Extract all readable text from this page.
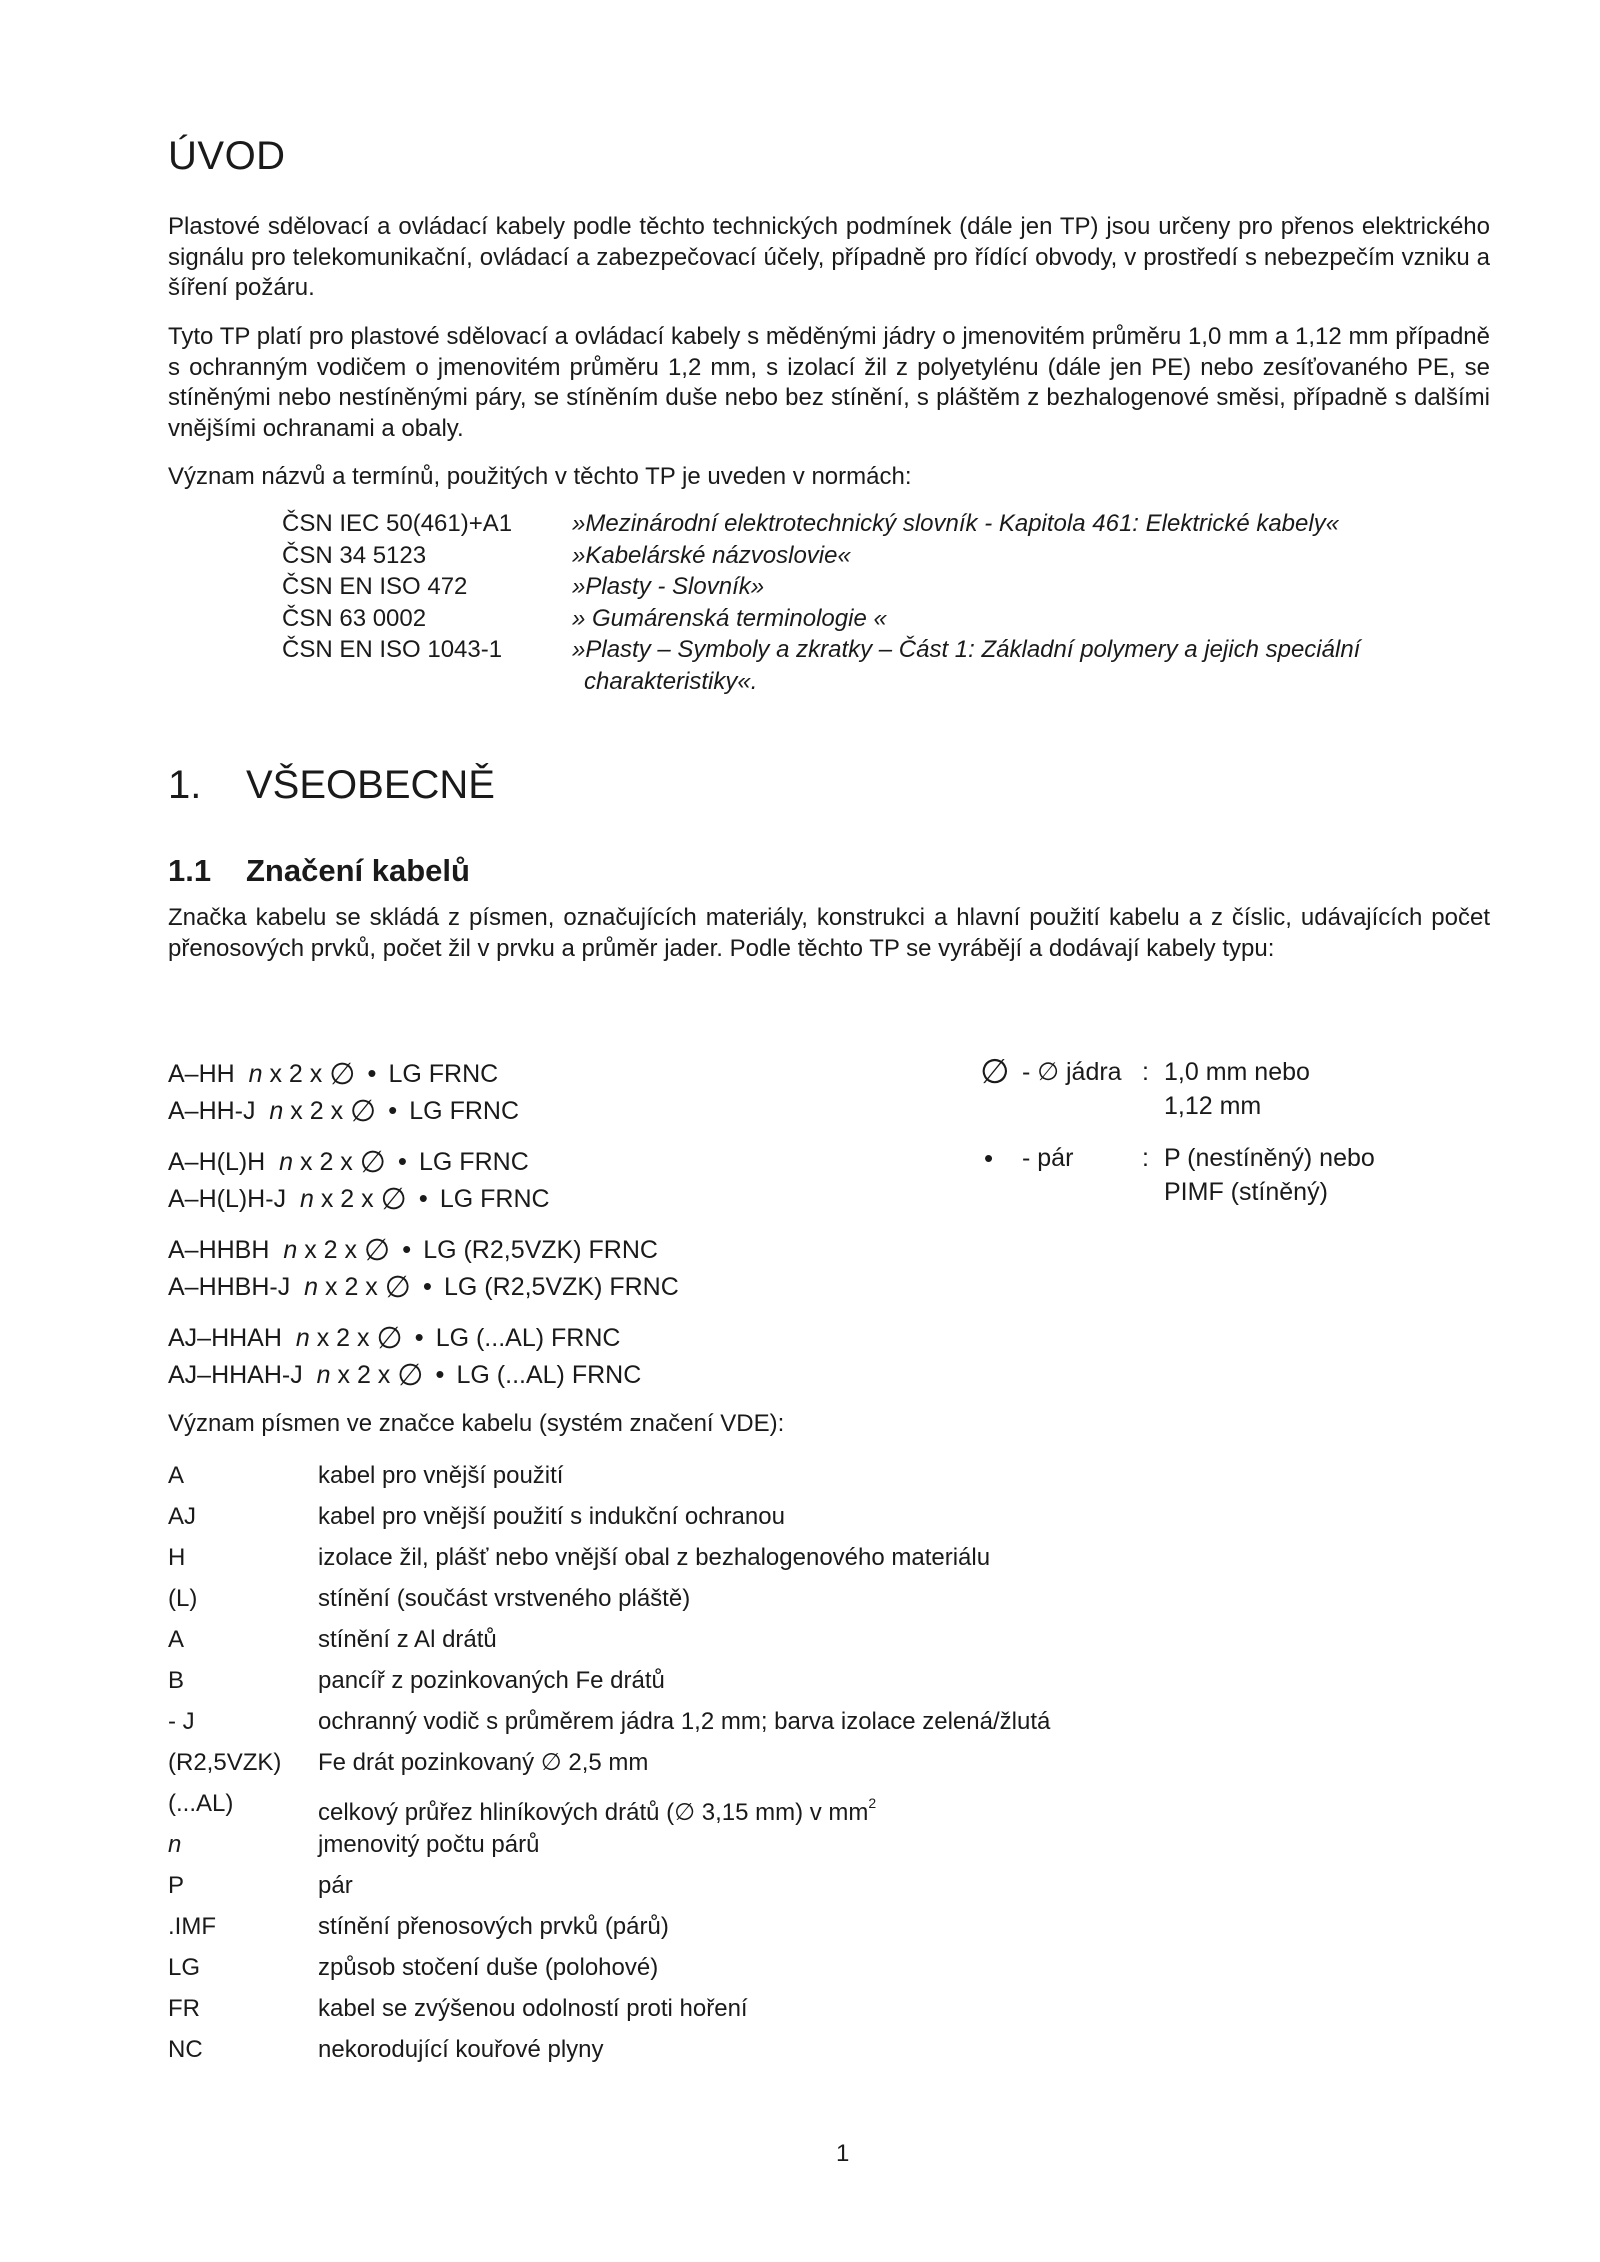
ÚVOD
Plastové sdělovací a ovládací kabely podle těchto technických podmínek (dále jen TP) jsou určeny pro přenos elektrického signálu pro telekomunikační, ovládací a zabezpečovací účely, případně pro řídící obvody, v prostředí s nebezpečím vzniku a šíření požáru.
Tyto TP platí pro plastové sdělovací a ovládací kabely s měděnými jádry o jmenovitém průměru 1,0 mm a 1,12 mm případně s ochranným vodičem o jmenovitém průměru 1,2 mm, s izolací žil z polyetylénu (dále jen PE) nebo zesíťovaného PE, se stíněnými nebo nestíněnými páry, se stíněním duše nebo bez stínění, s pláštěm z bezhalogenové směsi, případně s dalšími vnějšími ochranami a obaly.
Význam názvů a termínů, použitých v těchto TP je uveden v normách:
ČSN IEC 50(461)+A1	»Mezinárodní elektrotechnický slovník - Kapitola 461: Elektrické kabely«
ČSN 34 5123	»Kabelárské názvoslovie«
ČSN EN ISO 472	»Plasty - Slovník»
ČSN 63 0002	» Gumárenská terminologie «
ČSN EN ISO 1043-1	»Plasty – Symboly a zkratky – Část 1: Základní polymery a jejich speciální
charakteristiky«.
1. VŠEOBECNĚ
1.1 Značení kabelů
Značka kabelu se skládá z písmen, označujících materiály, konstrukci a hlavní použití kabelu a z číslic, udávajících počet přenosových prvků, počet žil v prvku a průměr jader. Podle těchto TP se vyrábějí a dodávají kabely typu:
A–HH n x 2 x ∅ • LG FRNC
A–HH-J n x 2 x ∅ • LG FRNC
A–H(L)H n x 2 x ∅ • LG FRNC
A–H(L)H-J n x 2 x ∅ • LG FRNC
A–HHBH n x 2 x ∅ • LG (R2,5VZK) FRNC
A–HHBH-J n x 2 x ∅ • LG (R2,5VZK) FRNC
AJ–HHAH n x 2 x ∅ • LG (...AL) FRNC
AJ–HHAH-J n x 2 x ∅ • LG (...AL) FRNC
∅ - ∅ jádra : 1,0 mm nebo
1,12 mm
•	- pár	: P (nestíněný) nebo
PIMF (stíněný)
Význam písmen ve značce kabelu (systém značení VDE):
A	kabel pro vnější použití
AJ	kabel pro vnější použití s indukční ochranou
H	izolace žil, plášť nebo vnější obal z bezhalogenového materiálu
(L)	stínění (součást vrstveného pláště)
A	stínění z Al drátů
B	pancíř z pozinkovaných Fe drátů
- J	ochranný vodič s průměrem jádra 1,2 mm; barva izolace zelená/žlutá
(R2,5VZK)	Fe drát pozinkovaný ∅ 2,5 mm
(...AL)	celkový průřez hliníkových drátů (∅ 3,15 mm) v $mm^2$
n	jmenovitý počtu párů
P	pár
.IMF	stínění přenosových prvků (párů)
LG	způsob stočení duše (polohové)
FR	kabel se zvýšenou odolností proti hoření
NC	nekorodující kouřové plyny
1
